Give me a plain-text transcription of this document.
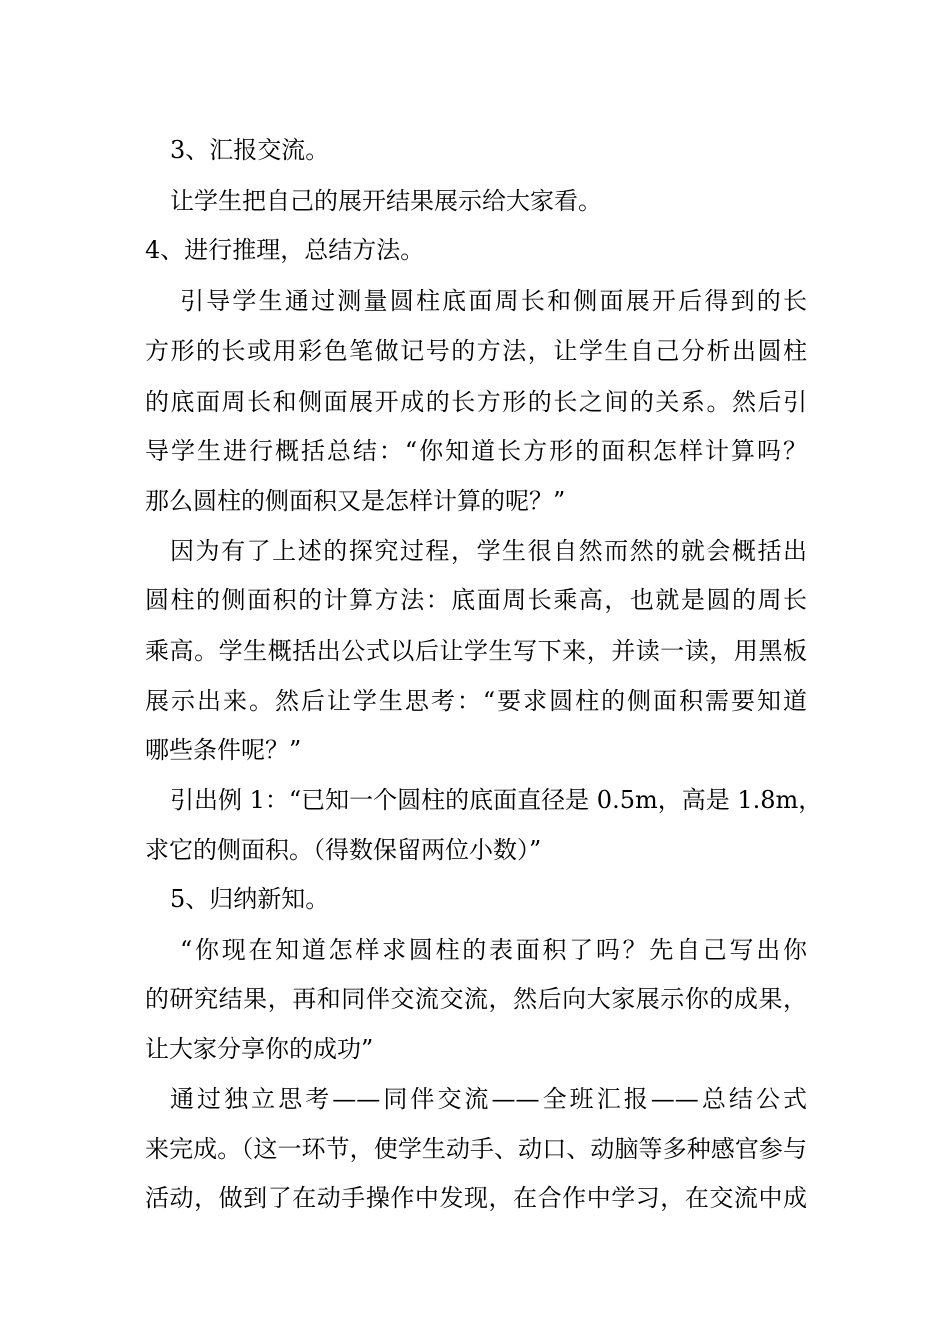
3、汇报交流。
让学生把自己的展开结果展示给大家看。
4、进行推理，总结方法。
引导学生通过测量圆柱底面周长和侧面展开后得到的长
方形的长或用彩色笔做记号的方法，让学生自己分析出圆柱
的底面周长和侧面展开成的长方形的长之间的关系。然后引
导学生进行概括总结：“你知道长方形的面积怎样计算吗？
那么圆柱的侧面积又是怎样计算的呢？”
因为有了上述的探究过程，学生很自然而然的就会概括出
圆柱的侧面积的计算方法：底面周长乘高，也就是圆的周长
乘高。学生概括出公式以后让学生写下来，并读一读，用黑板
展示出来。然后让学生思考：“要求圆柱的侧面积需要知道
哪些条件呢？”
引出例 1：“已知一个圆柱的底面直径是 0.5m，高是 1.8m，
求它的侧面积。（得数保留两位小数）”
5、归纳新知。
“你现在知道怎样求圆柱的表面积了吗？先自己写出你
的研究结果，再和同伴交流交流，然后向大家展示你的成果，
让大家分享你的成功”
通过独立思考——同伴交流——全班汇报——总结公式
来完成。（这一环节，使学生动手、动口、动脑等多种感官参与
活动，做到了在动手操作中发现，在合作中学习，在交流中成
